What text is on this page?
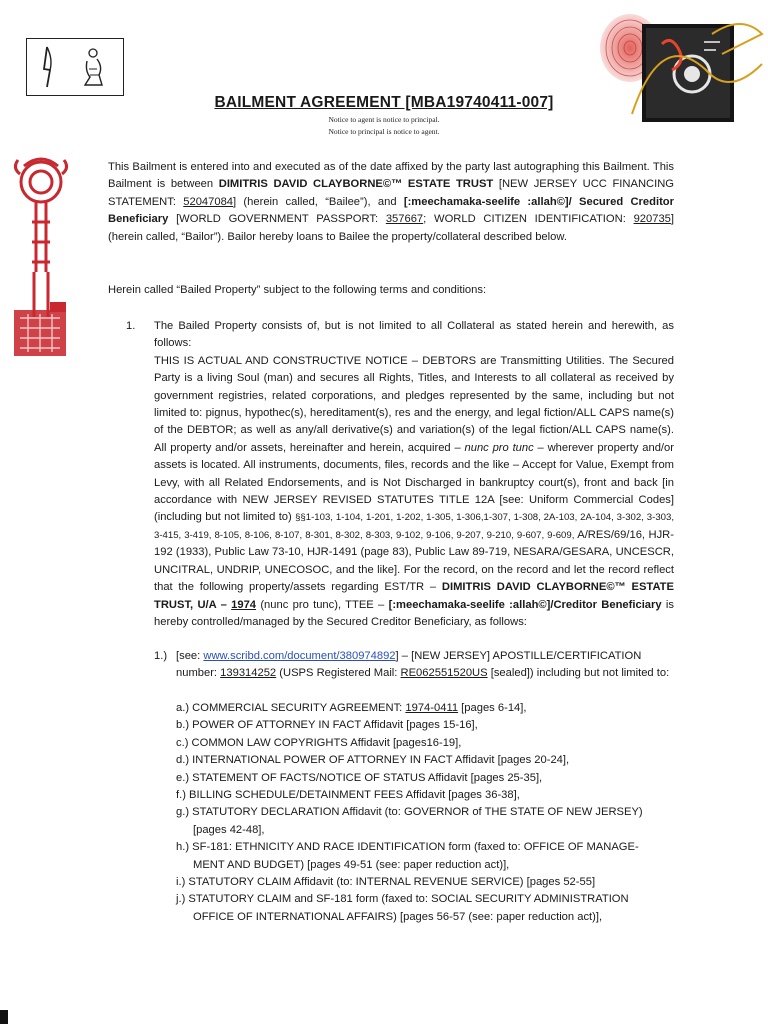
BAILMENT AGREEMENT [MBA19740411-007]
Notice to agent is notice to principal.
Notice to principal is notice to agent.
This Bailment is entered into and executed as of the date affixed by the party last autographing this Bailment. This Bailment is between DIMITRIS DAVID CLAYBORNE©™ ESTATE TRUST [NEW JERSEY UCC FINANCING STATEMENT: 52047084] (herein called, “Bailee”), and [:meechamaka-seelife :allah©]/ Secured Creditor Beneficiary [WORLD GOVERNMENT PASSPORT: 357667; WORLD CITIZEN IDENTIFICATION: 920735] (herein called, “Bailor”). Bailor hereby loans to Bailee the property/collateral described below.
Herein called “Bailed Property” subject to the following terms and conditions:
1. The Bailed Property consists of, but is not limited to all Collateral as stated herein and herewith, as follows:
THIS IS ACTUAL AND CONSTRUCTIVE NOTICE – DEBTORS are Transmitting Utilities. The Secured Party is a living Soul (man) and secures all Rights, Titles, and Interests to all collateral as received by government registries, related corporations, and pledges represented by the same, including but not limited to: pignus, hypothec(s), hereditament(s), res and the energy, and legal fiction/ALL CAPS name(s) of the DEBTOR; as well as any/all derivative(s) and variation(s) of the legal fiction/ALL CAPS name(s). All property and/or assets, hereinafter and herein, acquired – nunc pro tunc – wherever property and/or assets is located. All instruments, documents, files, records and the like – Accept for Value, Exempt from Levy, with all Related Endorsements, and is Not Discharged in bankruptcy court(s), front and back [in accordance with NEW JERSEY REVISED STATUTES TITLE 12A [see: Uniform Commercial Codes] (including but not limited to) §§1-103, 1-104, 1-201, 1-202, 1-305, 1-306,1-307, 1-308, 2A-103, 2A-104, 3-302, 3-303, 3-415, 3-419, 8-105, 8-106, 8-107, 8-301, 8-302, 8-303, 9-102, 9-106, 9-207, 9-210, 9-607, 9-609, A/RES/69/16, HJR-192 (1933), Public Law 73-10, HJR-1491 (page 83), Public Law 89-719, NESARA/GESARA, UNCESCR, UNCITRAL, UNDRIP, UNECOSOC, and the like]. For the record, on the record and let the record reflect that the following property/assets regarding EST/TR – DIMITRIS DAVID CLAYBORNE©™ ESTATE TRUST, U/A – 1974 (nunc pro tunc), TTEE – [:meechamaka-seelife :allah©]/Creditor Beneficiary is hereby controlled/managed by the Secured Creditor Beneficiary, as follows:
1.) [see: www.scribd.com/document/380974892] – [NEW JERSEY] APOSTILLE/CERTIFICATION number: 139314252 (USPS Registered Mail: RE062551520US [sealed]) including but not limited to:
a.) COMMERCIAL SECURITY AGREEMENT: 1974-0411 [pages 6-14],
b.) POWER OF ATTORNEY IN FACT Affidavit [pages 15-16],
c.) COMMON LAW COPYRIGHTS Affidavit [pages16-19],
d.) INTERNATIONAL POWER OF ATTORNEY IN FACT Affidavit [pages 20-24],
e.) STATEMENT OF FACTS/NOTICE OF STATUS Affidavit [pages 25-35],
f.) BILLING SCHEDULE/DETAINMENT FEES Affidavit [pages 36-38],
g.) STATUTORY DECLARATION Affidavit (to: GOVERNOR of THE STATE OF NEW JERSEY)
[pages 42-48],
h.) SF-181: ETHNICITY AND RACE IDENTIFICATION form (faxed to: OFFICE OF MANAGE-
MENT AND BUDGET) [pages 49-51 (see: paper reduction act)],
i.) STATUTORY CLAIM Affidavit (to: INTERNAL REVENUE SERVICE) [pages 52-55]
j.) STATUTORY CLAIM and SF-181 form (faxed to: SOCIAL SECURITY ADMINISTRATION
OFFICE OF INTERNATIONAL AFFAIRS) [pages 56-57 (see: paper reduction act)],
